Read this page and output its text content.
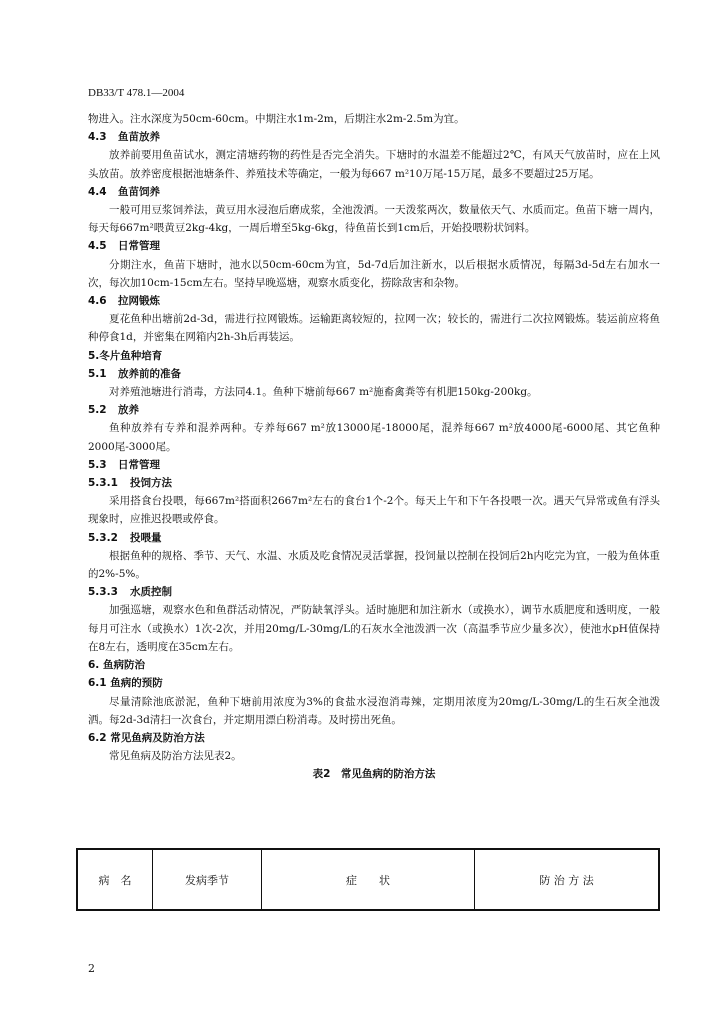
DB33/T 478.1—2004

物进入。注水深度为50cm-60cm。中期注水1m-2m，后期注水2m-2.5m为宜。

4.3 鱼苗放养

放养前要用鱼苗试水，测定清塘药物的药性是否完全消失。下塘时的水温差不能超过2℃，有风天气放苗时，应在上风头放苗。放养密度根据池塘条件、养殖技术等确定，一般为每667 m²10万尾-15万尾，最多不要超过25万尾。

4.4 鱼苗饲养

一般可用豆浆饲养法，黄豆用水浸泡后磨成浆，全池泼洒。一天泼浆两次，数量依天气、水质而定。鱼苗下塘一周内，每天每667m²喂黄豆2kg-4kg，一周后增至5kg-6kg，待鱼苗长到1cm后，开始投喂粉状饲料。

4.5 日常管理

分期注水，鱼苗下塘时，池水以50cm-60cm为宜，5d-7d后加注新水，以后根据水质情况，每隔3d-5d左右加水一次，每次加10cm-15cm左右。坚持早晚巡塘，观察水质变化，捞除敌害和杂物。

4.6 拉网锻炼

夏花鱼种出塘前2d-3d，需进行拉网锻炼。运输距离较短的，拉网一次；较长的，需进行二次拉网锻炼。装运前应将鱼种停食1d，并密集在网箱内2h-3h后再装运。

5.冬片鱼种培育

5.1 放养前的准备

对养殖池塘进行消毒，方法同4.1。鱼种下塘前每667 m²施畜禽粪等有机肥150kg-200kg。

5.2 放养

鱼种放养有专养和混养两种。专养每667 m²放13000尾-18000尾，混养每667 m²放4000尾-6000尾、其它鱼种2000尾-3000尾。

5.3 日常管理

5.3.1 投饲方法

采用搭食台投喂，每667m²搭面积2667m²左右的食台1个-2个。每天上午和下午各投喂一次。遇天气异常或鱼有浮头现象时，应推迟投喂或停食。

5.3.2 投喂量

根据鱼种的规格、季节、天气、水温、水质及吃食情况灵活掌握，投饲量以控制在投饲后2h内吃完为宜，一般为鱼体重的2%-5%。

5.3.3 水质控制

加强巡塘，观察水色和鱼群活动情况，严防缺氧浮头。适时施肥和加注新水（或换水），调节水质肥度和透明度，一般每月可注水（或换水）1次-2次，并用20mg/L-30mg/L的石灰水全池泼洒一次（高温季节应少量多次），使池水pH值保持在8左右，透明度在35cm左右。

6. 鱼病防治

6.1 鱼病的预防

尽量清除池底淤泥，鱼种下塘前用浓度为3%的食盐水浸泡消毒辣，定期用浓度为20mg/L-30mg/L的生石灰全池泼洒。每2d-3d清扫一次食台，并定期用漂白粉消毒。及时捞出死鱼。

6.2 常见鱼病及防治方法

常见鱼病及防治方法见表2。

表2　常见鱼病的防治方法

病　名	发病季节	症　　状	防 治 方 法
2
